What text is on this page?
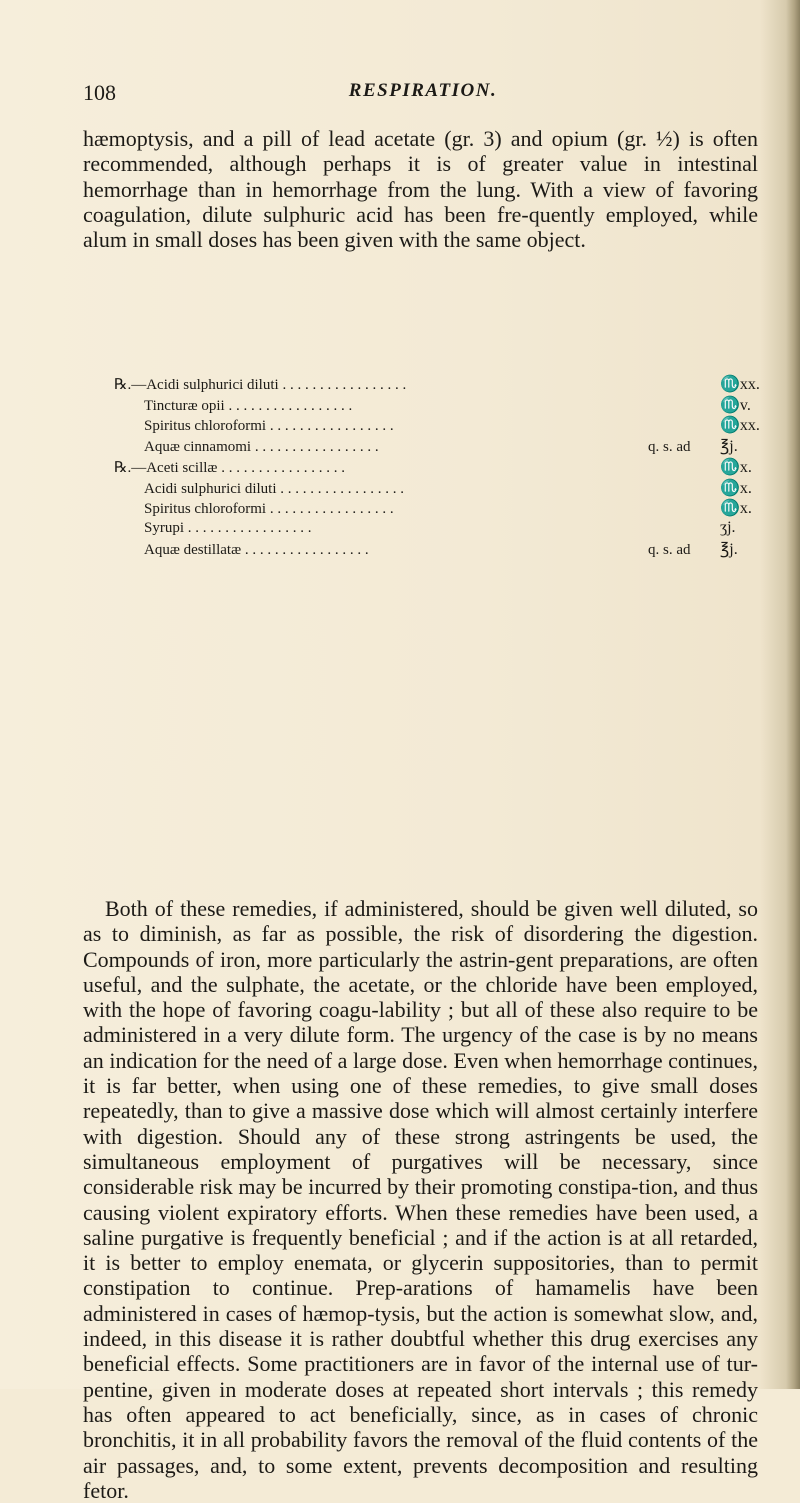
108	RESPIRATION.

hæmoptysis, and a pill of lead acetate (gr. 3) and opium (gr. ½) is often recommended, although perhaps it is of greater value in intestinal hemorrhage than in hemorrhage from the lung. With a view of favoring coagulation, dilute sulphuric acid has been fre-quently employed, while alum in small doses has been given with the same object.

℞.—Acidi sulphurici diluti . . . . . . . . . . . . . . . . .	♏xx.
Tincturæ opii . . . . . . . . . . . . . . . . .	♏v.
Spiritus chloroformi . . . . . . . . . . . . . . . . .	♏xx.
Aquæ cinnamomi . . . . . . . . . . . . . . . . .	q. s. ad	℥j.
℞.—Aceti scillæ . . . . . . . . . . . . . . . . .	♏x.
Acidi sulphurici diluti . . . . . . . . . . . . . . . . .	♏x.
Spiritus chloroformi . . . . . . . . . . . . . . . . .	♏x.
Syrupi . . . . . . . . . . . . . . . . .	ʒj.
Aquæ destillatæ . . . . . . . . . . . . . . . . .	q. s. ad	℥j.

Both of these remedies, if administered, should be given well diluted, so as to diminish, as far as possible, the risk of disordering the digestion. Compounds of iron, more particularly the astrin-gent preparations, are often useful, and the sulphate, the acetate, or the chloride have been employed, with the hope of favoring coagu-lability ; but all of these also require to be administered in a very dilute form. The urgency of the case is by no means an indication for the need of a large dose. Even when hemorrhage continues, it is far better, when using one of these remedies, to give small doses repeatedly, than to give a massive dose which will almost certainly interfere with digestion. Should any of these strong astringents be used, the simultaneous employment of purgatives will be necessary, since considerable risk may be incurred by their promoting constipa-tion, and thus causing violent expiratory efforts. When these remedies have been used, a saline purgative is frequently beneficial ; and if the action is at all retarded, it is better to employ enemata, or glycerin suppositories, than to permit constipation to continue. Prep-arations of hamamelis have been administered in cases of hæmop-tysis, but the action is somewhat slow, and, indeed, in this disease it is rather doubtful whether this drug exercises any beneficial effects. Some practitioners are in favor of the internal use of tur-pentine, given in moderate doses at repeated short intervals ; this remedy has often appeared to act beneficially, since, as in cases of chronic bronchitis, it in all probability favors the removal of the fluid contents of the air passages, and, to some extent, prevents decomposition and resulting fetor.
